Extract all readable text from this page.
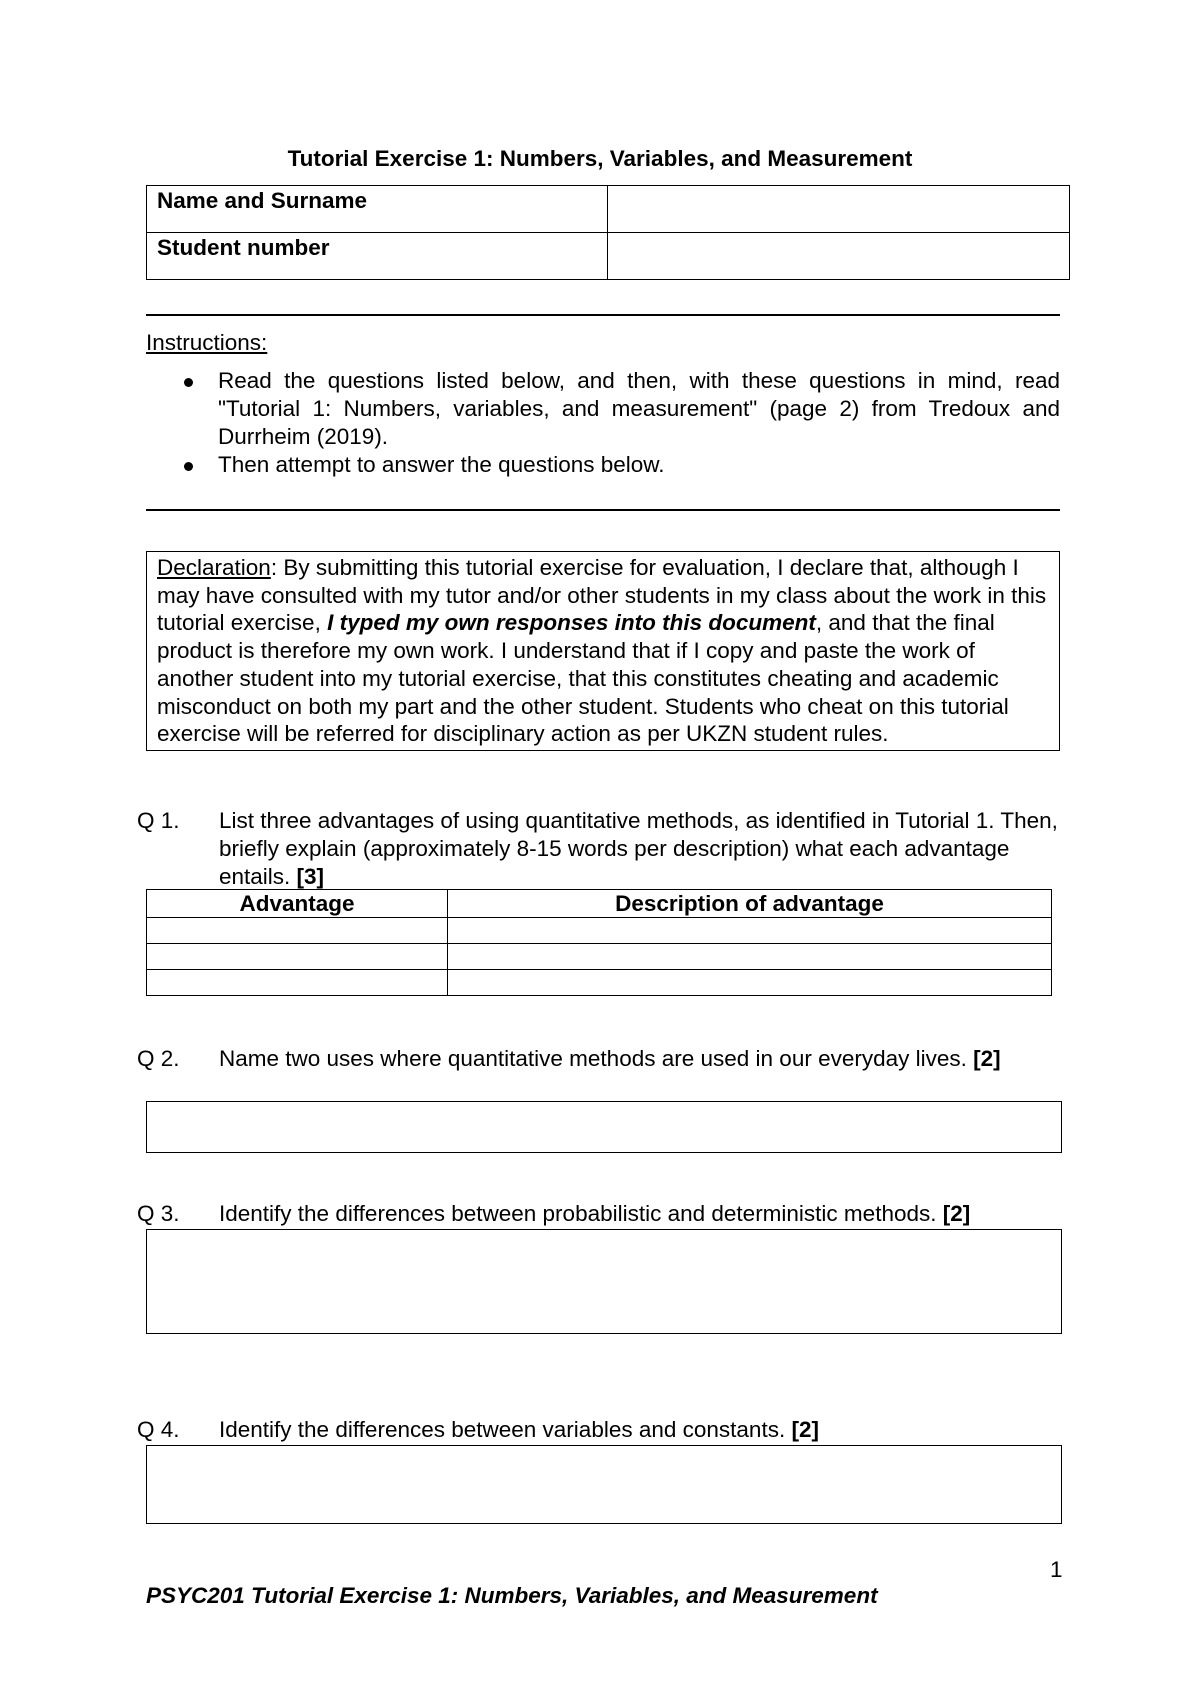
Tutorial Exercise 1: Numbers, Variables, and Measurement
Name and Surname	
Student number	
Instructions:
Read the questions listed below, and then, with these questions in mind, read "Tutorial 1: Numbers, variables, and measurement" (page 2) from Tredoux and Durrheim (2019).
Then attempt to answer the questions below.
Declaration: By submitting this tutorial exercise for evaluation, I declare that, although I may have consulted with my tutor and/or other students in my class about the work in this tutorial exercise, I typed my own responses into this document, and that the final product is therefore my own work. I understand that if I copy and paste the work of another student into my tutorial exercise, that this constitutes cheating and academic misconduct on both my part and the other student. Students who cheat on this tutorial exercise will be referred for disciplinary action as per UKZN student rules.
Q 1. List three advantages of using quantitative methods, as identified in Tutorial 1. Then, briefly explain (approximately 8-15 words per description) what each advantage entails. [3]
Advantage	Description of advantage

Q 2. Name two uses where quantitative methods are used in our everyday lives. [2]
Q 3. Identify the differences between probabilistic and deterministic methods. [2]
Q 4. Identify the differences between variables and constants. [2]
1
PSYC201 Tutorial Exercise 1: Numbers, Variables, and Measurement
